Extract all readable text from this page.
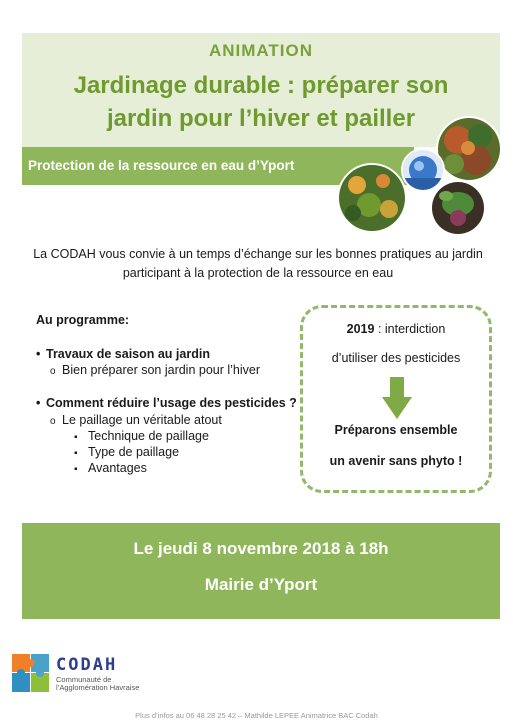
ANIMATION
Jardinage durable : préparer son
jardin pour l’hiver et pailler
Protection de la ressource en eau d’Yport
La CODAH vous convie à un temps d’échange sur les bonnes pratiques au jardin
participant à la protection de la ressource en eau
Au programme:
• Travaux de saison au jardin
o Bien préparer son jardin pour l’hiver
• Comment réduire l’usage des pesticides ?
o Le paillage un véritable atout
▪ Technique de paillage
▪ Type de paillage
▪ Avantages
2019 : interdiction
d’utiliser des pesticides
Préparons ensemble
un avenir sans phyto !
Le jeudi 8 novembre 2018 à 18h
Mairie d’Yport
CODAH
Communauté de
l’Agglomération Havraise
Plus d’infos au 06 48 28 25 42 – Mathilde LEPEE Animatrice BAC Codah
